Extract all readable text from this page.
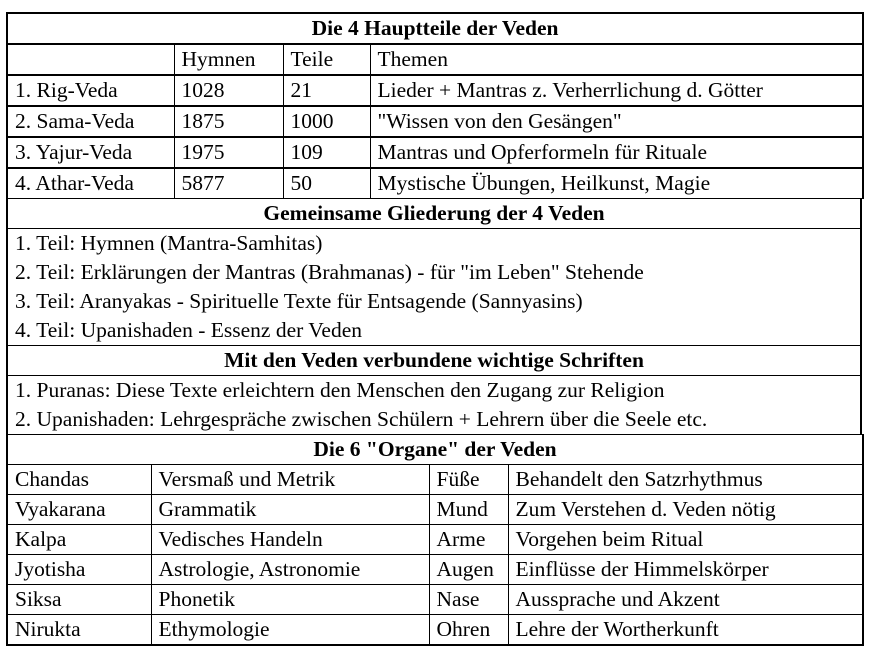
Die 4 Hauptteile der Veden			
	Hymnen	Teile	Themen
1. Rig-Veda	1028	21	Lieder + Mantras z. Verherrlichung d. Götter
2. Sama-Veda	1875	1000	"Wissen von den Gesängen"
3. Yajur-Veda	1975	109	Mantras und Opferformeln für Rituale
4. Athar-Veda	5877	50	Mystische Übungen, Heilkunst, Magie
Gemeinsame Gliederung der 4 Veden
1. Teil: Hymnen (Mantra-Samhitas)
2. Teil: Erklärungen der Mantras (Brahmanas) - für "im Leben" Stehende
3. Teil: Aranyakas - Spirituelle Texte für Entsagende (Sannyasins)
4. Teil: Upanishaden - Essenz der Veden
Mit den Veden verbundene wichtige Schriften
1. Puranas: Diese Texte erleichtern den Menschen den Zugang zur Religion
2. Upanishaden: Lehrgespräche zwischen Schülern + Lehrern über die Seele etc.
Die 6 "Organe" der Veden			
Chandas	Versmaß und Metrik	Füße	Behandelt den Satzrhythmus
Vyakarana	Grammatik	Mund	Zum Verstehen d. Veden nötig
Kalpa	Vedisches Handeln	Arme	Vorgehen beim Ritual
Jyotisha	Astrologie, Astronomie	Augen	Einflüsse der Himmelskörper
Siksa	Phonetik	Nase	Aussprache und Akzent
Nirukta	Ethymologie	Ohren	Lehre der Wortherkunft
